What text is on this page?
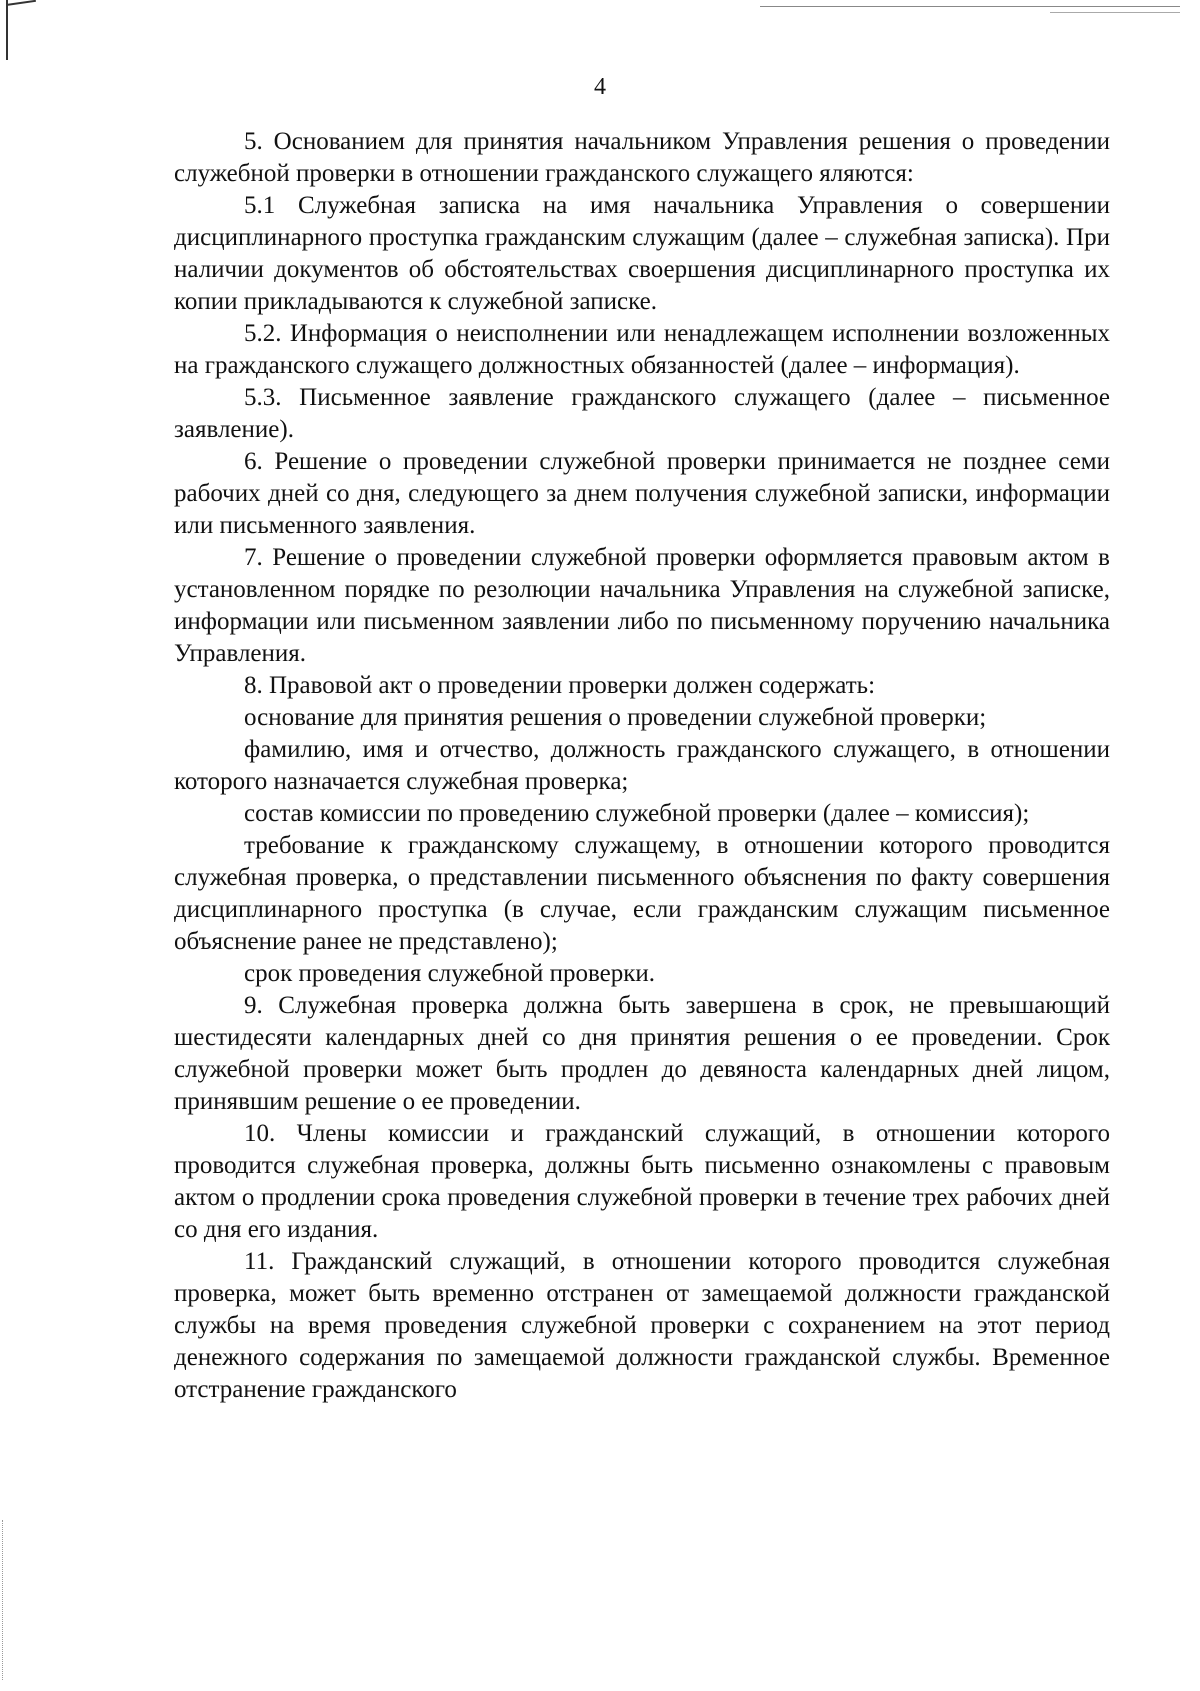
4

5. Основанием для принятия начальником Управления решения о проведении служебной проверки в отношении гражданского служащего яляются:

5.1 Служебная записка на имя начальника Управления о совершении дисциплинарного проступка гражданским служащим (далее – служебная записка). При наличии документов об обстоятельствах своершения дисциплинарного проступка их копии прикладываются к служебной записке.

5.2. Информация о неисполнении или ненадлежащем исполнении возложенных на гражданского служащего должностных обязанностей (далее – информация).

5.3. Письменное заявление гражданского служащего (далее – письменное заявление).

6. Решение о проведении служебной проверки принимается не позднее семи рабочих дней со дня, следующего за днем получения служебной записки, информации или письменного заявления.

7. Решение о проведении служебной проверки оформляется правовым актом в установленном порядке по резолюции начальника Управления на служебной записке, информации или письменном заявлении либо по письменному поручению начальника Управления.

8. Правовой акт о проведении проверки должен содержать:

основание для принятия решения о проведении служебной проверки;

фамилию, имя и отчество, должность гражданского служащего, в отношении которого назначается служебная проверка;

состав комиссии по проведению служебной проверки (далее – комиссия);

требование к гражданскому служащему, в отношении которого проводится служебная проверка, о представлении письменного объяснения по факту совершения дисциплинарного проступка (в случае, если гражданским служащим письменное объяснение ранее не представлено);

срок проведения служебной проверки.

9. Служебная проверка должна быть завершена в срок, не превышающий шестидесяти календарных дней со дня принятия решения о ее проведении. Срок служебной проверки может быть продлен до девяноста календарных дней лицом, принявшим решение о ее проведении.

10. Члены комиссии и гражданский служащий, в отношении которого проводится служебная проверка, должны быть письменно ознакомлены с правовым актом о продлении срока проведения служебной проверки в течение трех рабочих дней со дня его издания.

11. Гражданский служащий, в отношении которого проводится служебная проверка, может быть временно отстранен от замещаемой должности гражданской службы на время проведения служебной проверки с сохранением на этот период денежного содержания по замещаемой должности гражданской службы. Временное отстранение гражданского
